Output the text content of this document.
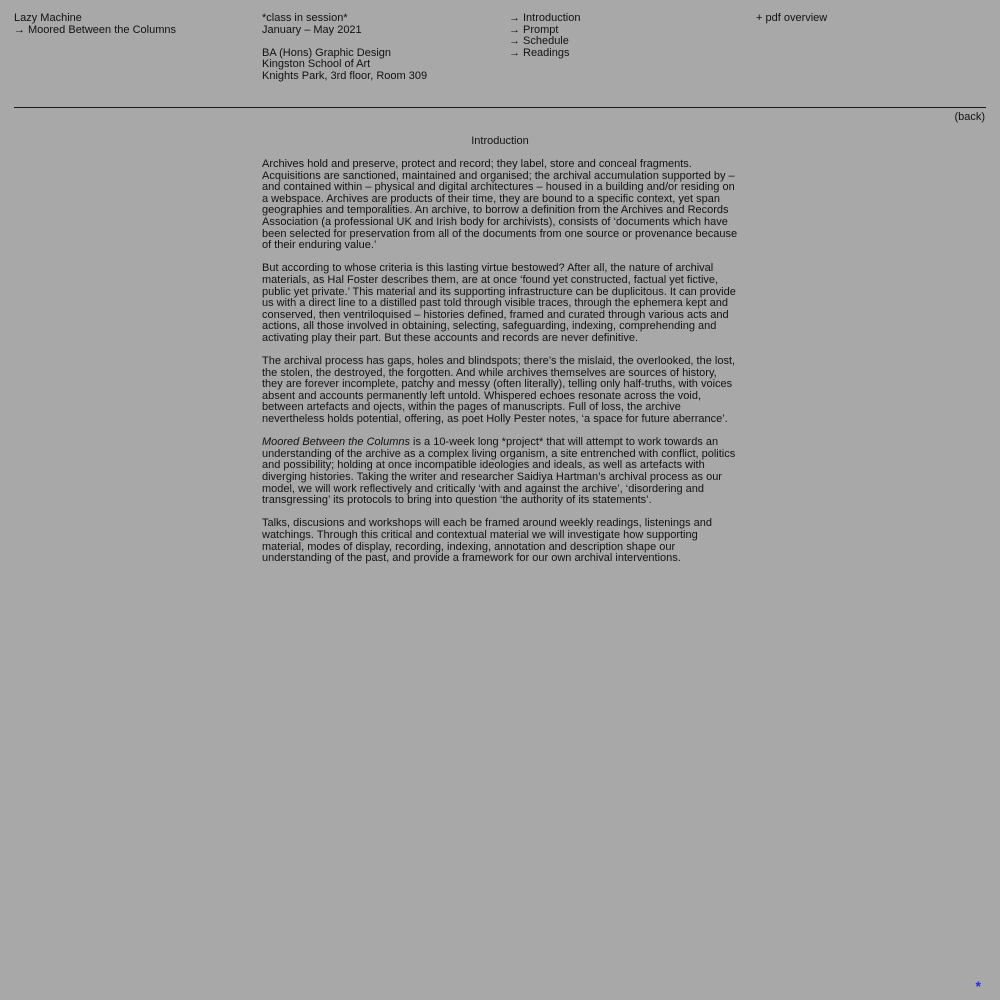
Lazy Machine
→ Moored Between the Columns
*class in session*
January – May 2021
BA (Hons) Graphic Design
Kingston School of Art
Knights Park, 3rd floor, Room 309
→ Introduction
→ Prompt
→ Schedule
→ Readings
+ pdf overview
(back)
Introduction

Archives hold and preserve, protect and record; they label, store and conceal fragments. Acquisitions are sanctioned, maintained and organised; the archival accumulation supported by – and contained within – physical and digital architectures – housed in a building and/or residing on a webspace. Archives are products of their time, they are bound to a specific context, yet span geographies and temporalities. An archive, to borrow a definition from the Archives and Records Association (a professional UK and Irish body for archivists), consists of ‘documents which have been selected for preservation from all of the documents from one source or provenance because of their enduring value.’

But according to whose criteria is this lasting virtue bestowed? After all, the nature of archival materials, as Hal Foster describes them, are at once ‘found yet constructed, factual yet fictive, public yet private.’ This material and its supporting infrastructure can be duplicitous. It can provide us with a direct line to a distilled past told through visible traces, through the ephemera kept and conserved, then ventriloquised – histories defined, framed and curated through various acts and actions, all those involved in obtaining, selecting, safeguarding, indexing, comprehending and activating play their part. But these accounts and records are never definitive.

The archival process has gaps, holes and blindspots; there’s the mislaid, the overlooked, the lost, the stolen, the destroyed, the forgotten. And while archives themselves are sources of history, they are forever incomplete, patchy and messy (often literally), telling only half-truths, with voices absent and accounts permanently left untold. Whispered echoes resonate across the void, between artefacts and ojects, within the pages of manuscripts. Full of loss, the archive nevertheless holds potential, offering, as poet Holly Pester notes, ‘a space for future aberrance’.

Moored Between the Columns is a 10-week long *project* that will attempt to work towards an understanding of the archive as a complex living organism, a site entrenched with conflict, politics and possibility; holding at once incompatible ideologies and ideals, as well as artefacts with diverging histories. Taking the writer and researcher Saidiya Hartman’s archival process as our model, we will work reflectively and critically ‘with and against the archive’, ‘disordering and transgressing’ its protocols to bring into question ‘the authority of its statements’.

Talks, discusions and workshops will each be framed around weekly readings, listenings and watchings. Through this critical and contextual material we will investigate how supporting material, modes of display, recording, indexing, annotation and description shape our understanding of the past, and provide a framework for our own archival interventions.

*
